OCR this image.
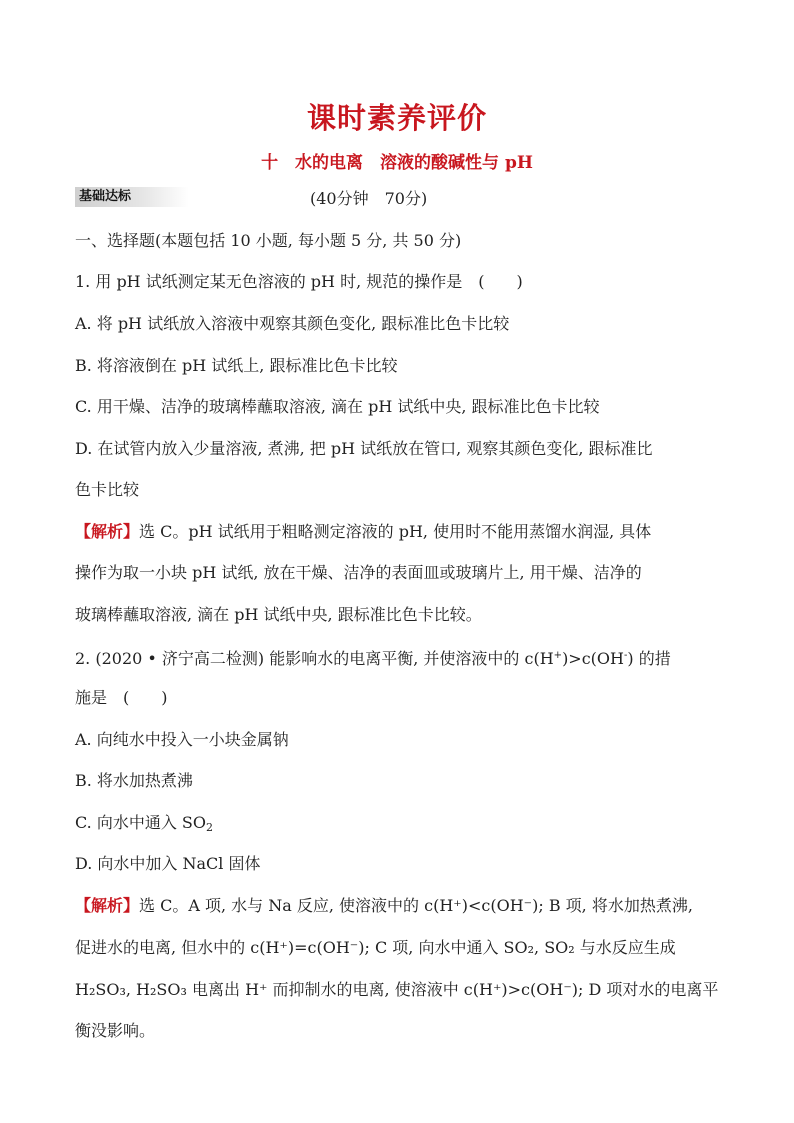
课时素养评价
十　水的电离　溶液的酸碱性与 pH
基础达标	(40分钟　70分)
一、选择题(本题包括 10 小题, 每小题 5 分, 共 50 分)
1. 用 pH 试纸测定某无色溶液的 pH 时, 规范的操作是　(　　)
A. 将 pH 试纸放入溶液中观察其颜色变化, 跟标准比色卡比较
B. 将溶液倒在 pH 试纸上, 跟标准比色卡比较
C. 用干燥、洁净的玻璃棒蘸取溶液, 滴在 pH 试纸中央, 跟标准比色卡比较
D. 在试管内放入少量溶液, 煮沸, 把 pH 试纸放在管口, 观察其颜色变化, 跟标准比
色卡比较
【解析】选 C。pH 试纸用于粗略测定溶液的 pH, 使用时不能用蒸馏水润湿, 具体
操作为取一小块 pH 试纸, 放在干燥、洁净的表面皿或玻璃片上, 用干燥、洁净的
玻璃棒蘸取溶液, 滴在 pH 试纸中央, 跟标准比色卡比较。
2. (2020 • 济宁高二检测) 能影响水的电离平衡, 并使溶液中的 c(H+)>c(OH-) 的措
施是　(　　)
A. 向纯水中投入一小块金属钠
B. 将水加热煮沸
C. 向水中通入 $SO_2$
D. 向水中加入 NaCl 固体
【解析】选 C。A 项, 水与 Na 反应, 使溶液中的 c(H⁺)<c(OH⁻); B 项, 将水加热煮沸,
促进水的电离, 但水中的 c(H⁺)=c(OH⁻); C 项, 向水中通入 SO₂, SO₂ 与水反应生成
H₂SO₃, H₂SO₃ 电离出 H⁺ 而抑制水的电离, 使溶液中 c(H⁺)>c(OH⁻); D 项对水的电离平
衡没影响。
